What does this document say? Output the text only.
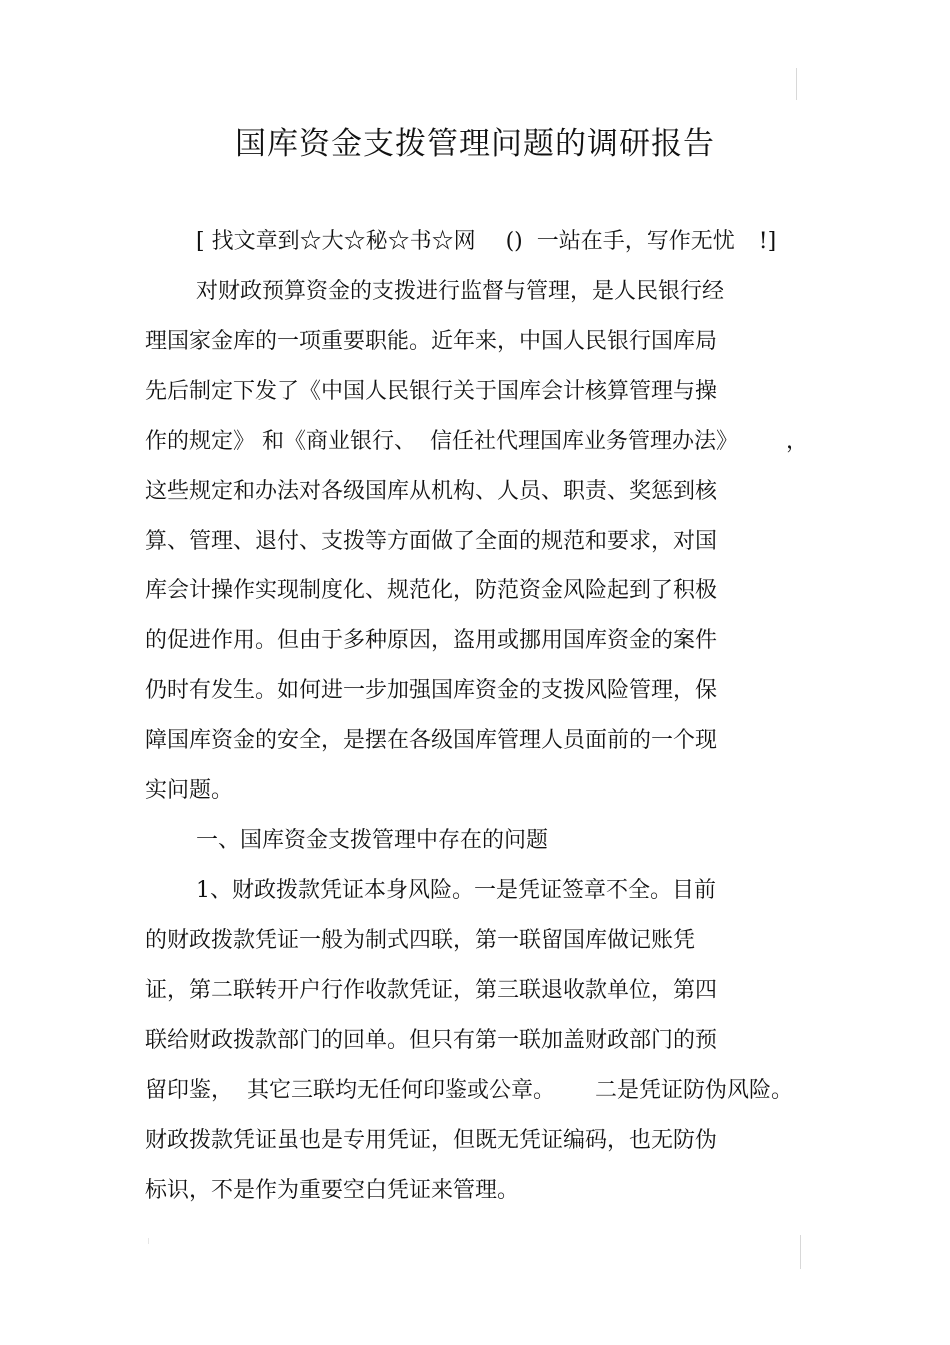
国库资金支拨管理问题的调研报告

[ 找文章到☆大☆秘☆书☆网 () 一站在手，写作无忧 !]

对财政预算资金的支拨进行监督与管理，是人民银行经

理国家金库的一项重要职能。近年来，中国人民银行国库局

先后制定下发了《中国人民银行关于国库会计核算管理与操

作的规定》 和《商业银行、 信任社代理国库业务管理办法》 ，

这些规定和办法对各级国库从机构、人员、职责、奖惩到核

算、管理、退付、支拨等方面做了全面的规范和要求，对国

库会计操作实现制度化、规范化，防范资金风险起到了积极

的促进作用。但由于多种原因，盗用或挪用国库资金的案件

仍时有发生。如何进一步加强国库资金的支拨风险管理，保

障国库资金的安全，是摆在各级国库管理人员面前的一个现

实问题。

一、国库资金支拨管理中存在的问题

1、财政拨款凭证本身风险。一是凭证签章不全。目前

的财政拨款凭证一般为制式四联，第一联留国库做记账凭

证，第二联转开户行作收款凭证，第三联退收款单位，第四

联给财政拨款部门的回单。但只有第一联加盖财政部门的预

留印鉴， 其它三联均无任何印鉴或公章。 二是凭证防伪风险。

财政拨款凭证虽也是专用凭证，但既无凭证编码，也无防伪

标识，不是作为重要空白凭证来管理。
